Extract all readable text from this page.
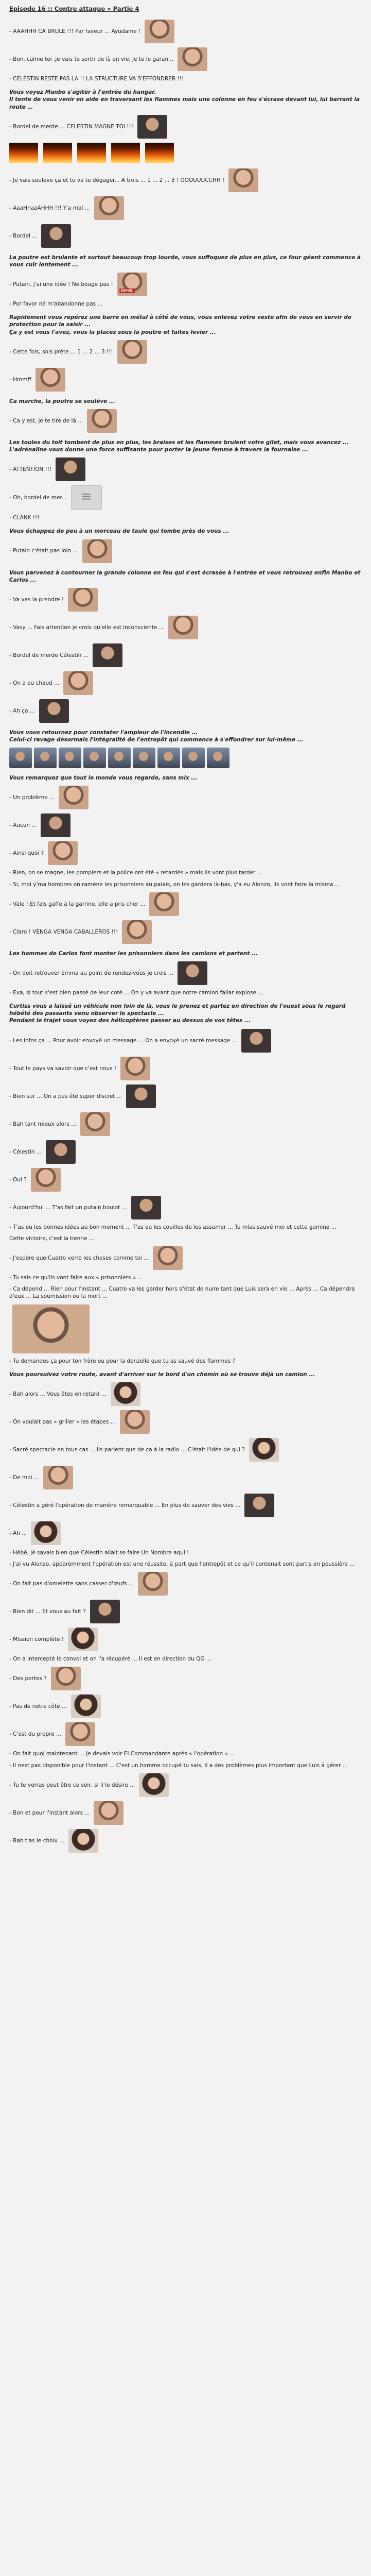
Episode 16 :: Contre attaque « Partie 4
- AAAHHH CA BRULE !!! Par faveur ... Ayudame !
- Bon, calme toi ,je vais te sortir de là en vie, je te le garan...
- CELESTIN RESTE PAS LA !! LA STRUCTURE VA S'EFFONDRER !!!
Vous voyez Manbo s'agiter à l'entrée du hangar.
Il tente de vous venir en aide en traversant les flammes mais une colonne en feu s'écrase devant lui, lui barrant la route …
- Bordel de merde ... CELESTIN MAGNE TOI !!!
- Je vais souleve ça et tu va te dégager... A trois ... 1 ... 2 ... 3 ! OOOUUUCCHH !
- AaaHhaaAHHH !!! Y'a mal ...
- Bordel ...
La poutre est brulante et surtout beaucoup trop lourde, vous suffoquez de plus en plus, ce four géant commence à vous cuir lentement ...
- Putain, j'ai une idée ! Ne bouge pas !
ESPOIL
- Por favor né m'abandonne pas ...
Rapidement vous repérez une barre en métal à côté de vous, vous enlevez votre veste afin de vous en servir de protection pour la saisir ...
Ça y est vous l'avez, vous la placez sous la poutre et faites levier ...
- Cette fois, sois prête ... 1 ... 2 ... 3 !!!
- Hmmff
Ca marche, la poutre se soulève ...
- Ca y est, je te tire de là ...
Les toules du toit tombent de plus en plus, les braises et les flammes brulent votre gilet, mais vous avancez ...
L'adrénaline vous donne une force suffisante pour porter la jeune femme à travers la fournaise ...
- ATTENTION !!!
- Oh, bordel de mer...
≡
- CLANK !!!
Vous échappez de peu à un morceau de taule qui tombe près de vous ...
- Putain c'était pas loin ...
Vous parvenez à contourner la grande colonne en feu qui s'est écrasée à l'entrée et vous retrouvez enfin Manbo et Carlos ...
- Va vas la prendre !
- Vasy ... Fais attention je crois qu'elle est inconsciente ...
- Bordel de merde Célestin ...
- On a eu chaud ...
- Ah ça ...
Vous vous retournez pour constater l'ampleur de l'incendie ...
Celui-ci ravage désormais l'intégralité de l'entrepôt qui commence à s'effondrer sur lui-même ...
Vous remarquez que tout le monde vous regarde, sans mix ...
- Un problème ...
- Aucun ...
- Ainsi quoi ?
- Rien, on se magne, les pompiers et la police ont été « retardés » mais ils vont plus tarder ...
- Si, moi y'ma hombres on ramène les prisonniers au palais, on les gardera là-bas, y'a eu Alonzo, ils vont faire la misma ...
- Vale ! Et fais gaffe à la garrine, elle a pris cher ...
- Claro ! VENGA VENGA CABALLEROS !!!
Les hommes de Carlos font monter les prisonniers dans les camions et partent ...
- On doit retrouver Emma au point de rendez-vous je crois ...
- Exa, si tout s'est bien passé de leur coté ... On y va avant que notre camion fallar explose ...
Curtiss vous a laissé un véhicule non loin de là, vous le prenez et partez en direction de l'ouest sous le regard hébété des passants venu observer le spectacle ...
Pendant le trajet vous voyez des hélicoptères passer au dessus de vos têtes ...
- Les infos ça ... Pour avoir envoyé un message ... On a envoyé un sacré message ...
- Tout le pays va savoir que c'est nous !
- Bien sur ... On a pas été super discret ...
- Bah tant mieux alors ...
- Célestin ...
- Oui ?
- Aujourd'hui ... T'as fait un putain boulot ...
- T'as eu les bonnes idées au bon moment ... T'as eu les couilles de les assumer ... Tu mías sauvé moi et cette gamine ...
Cette victoire, c'est la tienne ...
- J'espère que Cuatro verra les choses comme toi ...
- Tu sais ce qu'ils vont faire aux « prisonniers » ...
- Ca dépend ... Rien pour l'instant ... Cuatro va les garder hors d'état de nuire tant que Luis sera en vie ... Après ... Ca dépendra d'eux ... La soumission ou la mort ...
- Tu demandes ça pour ton frère ou pour la donzelle que tu as sauvé des flammes ?
Vous poursuivez votre route, avant d'arriver sur le bord d'un chemin où se trouve déjà un camion ...
- Bah alors ... Vous êtes en retard ...
- On voulait pas « griller » les étapes ...
- Sacré spectacle en tous cas ... Ils parlent que de ça à la radio ... C'était l'idée de qui ?
- De moi ...
- Célestin a géré l'opération de manière remarquable ... En plus de sauver des vies ...
- Ah ...
- Hébé, jé savais bien que Célestin allait se faire Un Nombre aqui !
- J'ai vu Alonzo, apparemment l'opération est une réussite, à part que l'entrepôt et ce qu'il contenait sont partis en poussière ...
- On fait pas d'omelette sans casser d'œufs ...
- Bien dit ... Et vous au fait ?
- Mission complète !
- On a intercepté le convoi et on l'a récupéré ... Il est en direction du QG ...
- Des pertes ?
- Pas de notre côté ...
- C'est du propre ...
- On fait quoi maintenant ... Je devais voir El Commandante après « l'opération » ...
- Il nest pas disponible pour l'instant ... C'est un homme occupé tu sais, il a des problèmes plus important que Luis à gérer ...
- Tu te verras peut être ce soir, si il le désire ...
- Bon et pour l'instant alors ...
- Bah t'as le choix ...
